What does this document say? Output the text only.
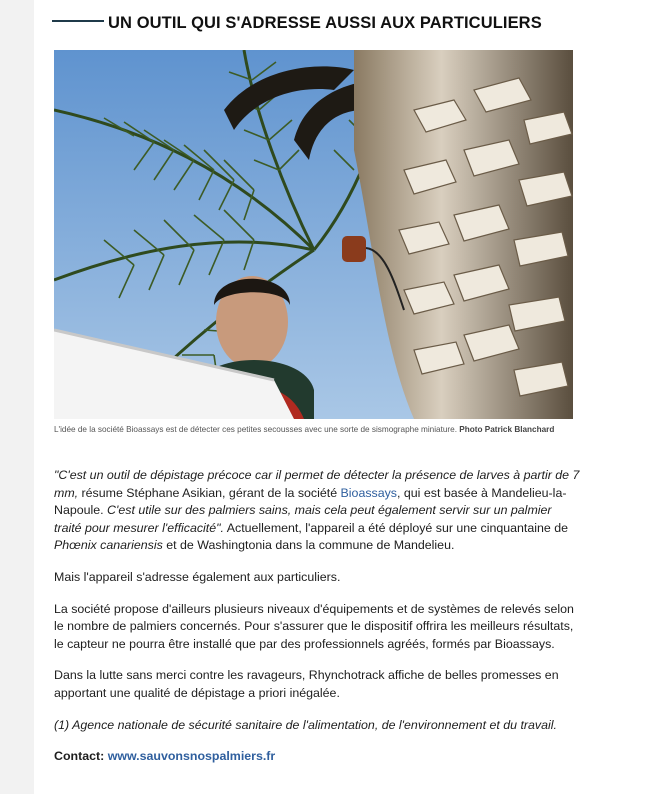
UN OUTIL QUI S'ADRESSE AUSSI AUX PARTICULIERS
L'idée de la société Bioassays est de détecter ces petites secousses avec une sorte de sismographe miniature. Photo Patrick Blanchard

"C'est un outil de dépistage précoce car il permet de détecter la présence de larves à partir de 7 mm, résume Stéphane Asikian, gérant de la société Bioassays, qui est basée à Mandelieu-la-Napoule. C'est utile sur des palmiers sains, mais cela peut également servir sur un palmier traité pour mesurer l'efficacité". Actuellement, l'appareil a été déployé sur une cinquantaine de Phœnix canariensis et de Washingtonia dans la commune de Mandelieu.

Mais l'appareil s'adresse également aux particuliers.

La société propose d'ailleurs plusieurs niveaux d'équipements et de systèmes de relevés selon le nombre de palmiers concernés. Pour s'assurer que le dispositif offrira les meilleurs résultats, le capteur ne pourra être installé que par des professionnels agréés, formés par Bioassays.

Dans la lutte sans merci contre les ravageurs, Rhynchotrack affiche de belles promesses en apportant une qualité de dépistage a priori inégalée.

(1) Agence nationale de sécurité sanitaire de l'alimentation, de l'environnement et du travail.

Contact: www.sauvonsnospalmiers.fr
